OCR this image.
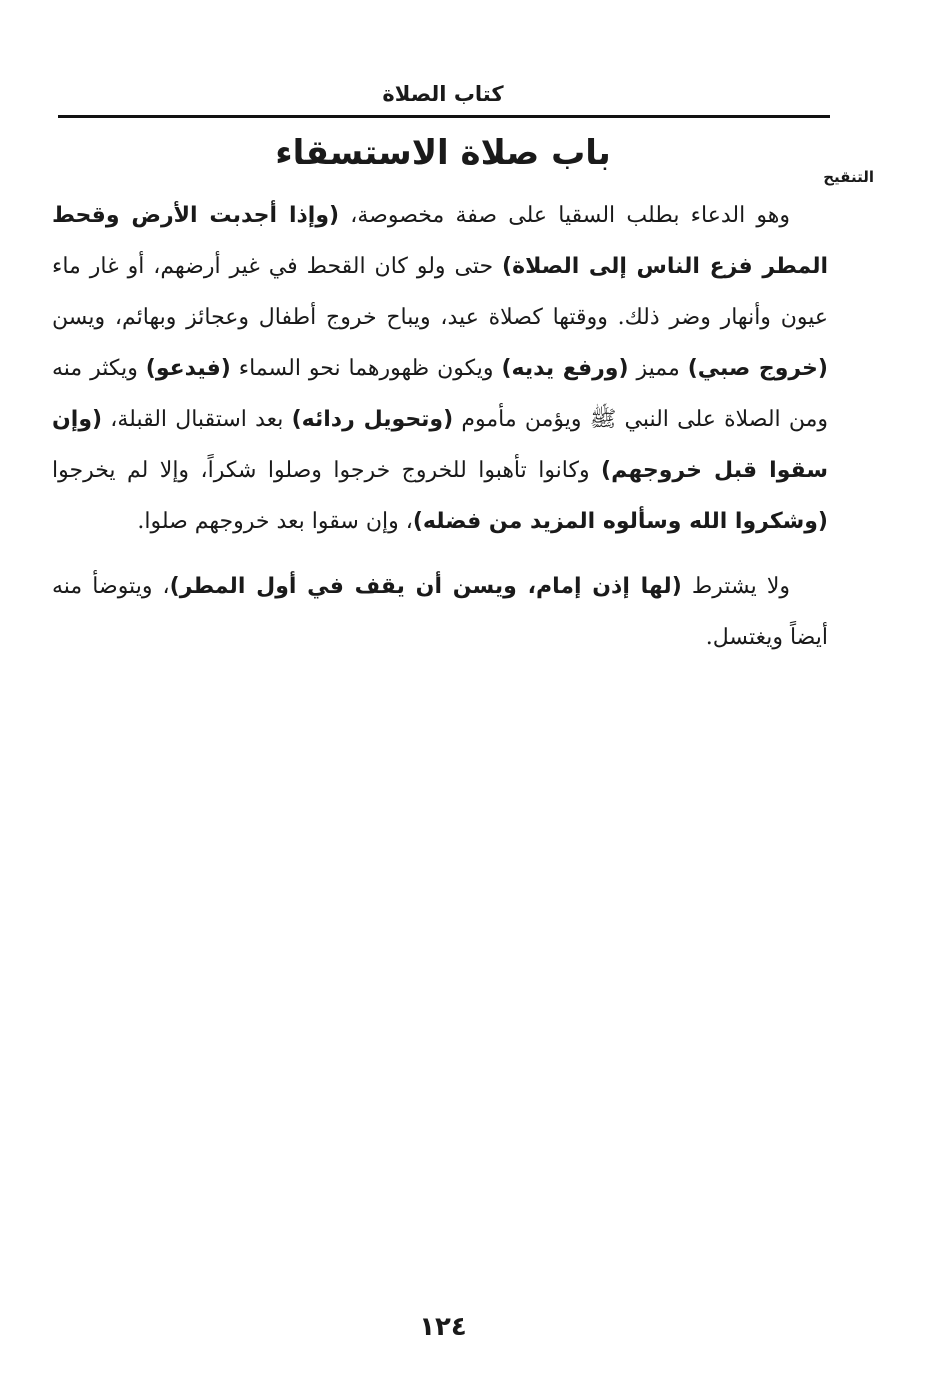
كتاب الصلاة
التنقيح
باب صلاة الاستسقاء

وهو الدعاء بطلب السقيا على صفة مخصوصة، (وإذا أجدبت الأرض وقحط المطر فزع الناس إلى الصلاة) حتى ولو كان القحط في غير أرضهم، أو غار ماء عيون وأنهار وضر ذلك. ووقتها كصلاة عيد، ويباح خروج أطفال وعجائز وبهائم، ويسن (خروج صبي) مميز (ورفع يديه) ويكون ظهورهما نحو السماء (فيدعو) ويكثر منه ومن الصلاة على النبي ﷺ ويؤمن مأموم (وتحويل ردائه) بعد استقبال القبلة، (وإن سقوا قبل خروجهم) وكانوا تأهبوا للخروج خرجوا وصلوا شكراً، وإلا لم يخرجوا (وشكروا الله وسألوه المزيد من فضله)، وإن سقوا بعد خروجهم صلوا.

ولا يشترط (لها إذن إمام، ويسن أن يقف في أول المطر)، ويتوضأ منه أيضاً ويغتسل.

١٢٤
